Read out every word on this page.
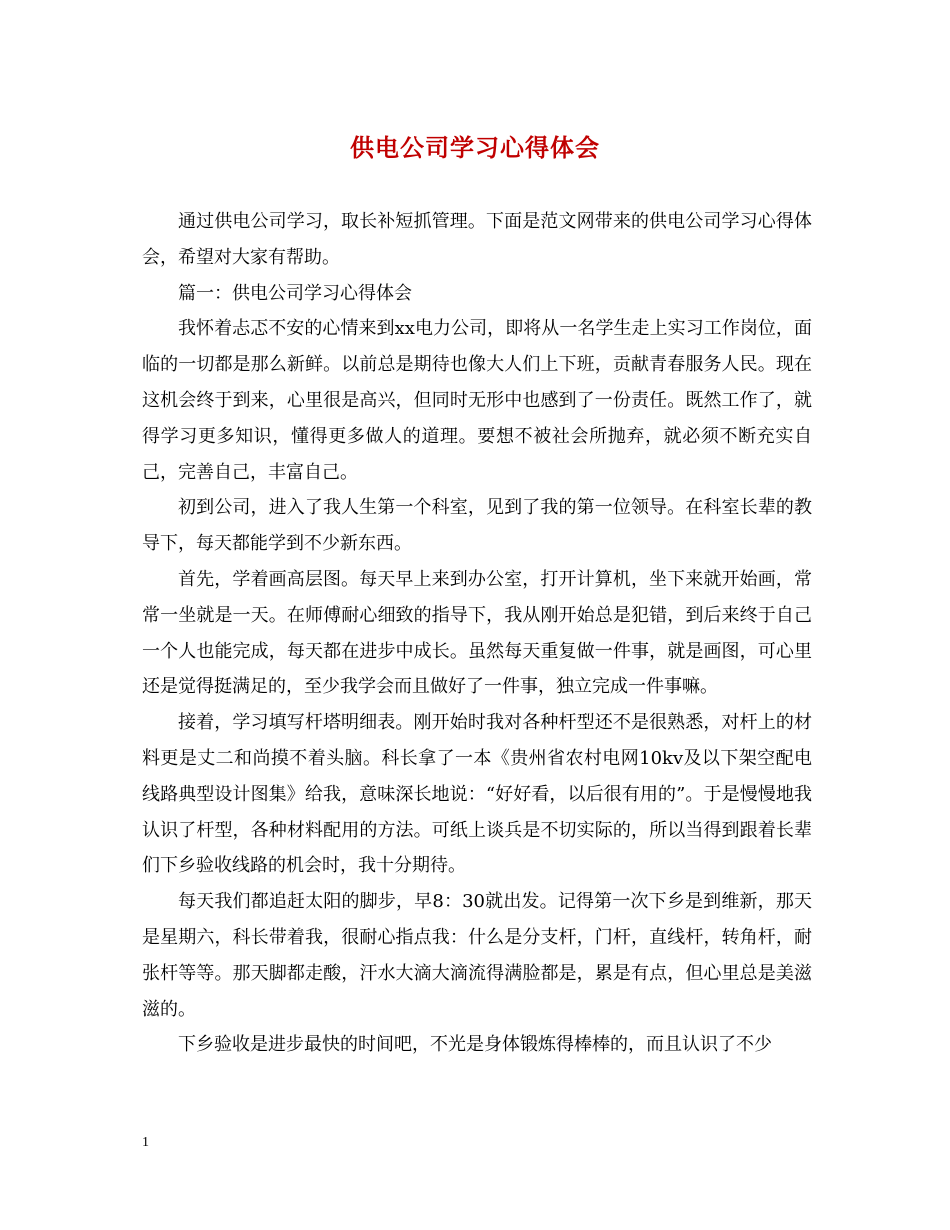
供电公司学习心得体会

通过供电公司学习，取长补短抓管理。下面是范文网带来的供电公司学习心得体会，希望对大家有帮助。

篇一：供电公司学习心得体会

我怀着忐忑不安的心情来到xx电力公司，即将从一名学生走上实习工作岗位，面临的一切都是那么新鲜。以前总是期待也像大人们上下班，贡献青春服务人民。现在这机会终于到来，心里很是高兴，但同时无形中也感到了一份责任。既然工作了，就得学习更多知识，懂得更多做人的道理。要想不被社会所抛弃，就必须不断充实自己，完善自己，丰富自己。

初到公司，进入了我人生第一个科室，见到了我的第一位领导。在科室长辈的教导下，每天都能学到不少新东西。

首先，学着画高层图。每天早上来到办公室，打开计算机，坐下来就开始画，常常一坐就是一天。在师傅耐心细致的指导下，我从刚开始总是犯错，到后来终于自己一个人也能完成，每天都在进步中成长。虽然每天重复做一件事，就是画图，可心里还是觉得挺满足的，至少我学会而且做好了一件事，独立完成一件事嘛。

接着，学习填写杆塔明细表。刚开始时我对各种杆型还不是很熟悉，对杆上的材料更是丈二和尚摸不着头脑。科长拿了一本《贵州省农村电网10kv及以下架空配电线路典型设计图集》给我，意味深长地说：“好好看，以后很有用的”。于是慢慢地我认识了杆型，各种材料配用的方法。可纸上谈兵是不切实际的，所以当得到跟着长辈们下乡验收线路的机会时，我十分期待。

每天我们都追赶太阳的脚步，早8：30就出发。记得第一次下乡是到维新，那天是星期六，科长带着我，很耐心指点我：什么是分支杆，门杆，直线杆，转角杆，耐张杆等等。那天脚都走酸，汗水大滴大滴流得满脸都是，累是有点，但心里总是美滋滋的。

下乡验收是进步最快的时间吧，不光是身体锻炼得棒棒的，而且认识了不少

1
